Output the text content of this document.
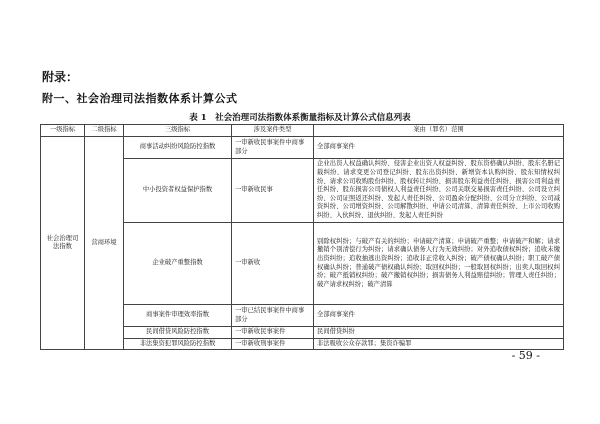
附录：
附一、社会治理司法指数体系计算公式
表 1　社会治理司法指数体系衡量指标及计算公式信息列表
一级指标	二级指标	三级指标	涉及案件类型	案由（罪名）范围
社会治理司法指数	营商环境	商事活动纠纷风险防控指数	一审新收民事案件中商事部分	全部商事案件
		中小投资者权益保护指数	一审新收民事	企业出资人权益确认纠纷、侵害企业出资人权益纠纷、股东资格确认纠纷、股东名册记载纠纷、请求变更公司登记纠纷、股东出资纠纷、新增资本认购纠纷、股东知情权纠纷、请求公司收购股份纠纷、股权转让纠纷、损害股东利益责任纠纷、损害公司利益责任纠纷、股东损害公司债权人利益责任纠纷、公司关联交易损害责任纠纷、公司设立纠纷、公司证照返还纠纷、发起人责任纠纷、公司盈余分配纠纷、公司分立纠纷、公司减资纠纷、公司增资纠纷、公司解散纠纷、申请公司清算、清算责任纠纷、上市公司收购纠纷、入伙纠纷、退伙纠纷、发起人责任纠纷
		企业破产重整指数	一审新收	别除权纠纷；与破产有关的纠纷；申请破产清算；申请破产重整；申请破产和解；请求撤销个别清偿行为纠纷；请求确认债务人行为无效纠纷；对外追收债权纠纷；追收未缴出资纠纷；追收抽逃出资纠纷；追收非正常收入纠纷；破产债权确认纠纷；职工破产债权确认纠纷；普通破产债权确认纠纷；取回权纠纷；一般取回权纠纷；出卖人取回权纠纷；破产抵销权纠纷；破产撤销权纠纷；损害债务人利益赔偿纠纷；管理人责任纠纷；破产请求权纠纷；破产清算
		商事案件审理效率指数	一审已结民事案件中商事部分	全部商事案件
		民间借贷风险防控指数	一审新收民事案件	民间借贷纠纷
		非法集资犯罪风险防控指数	一审新收刑事案件	非法吸收公众存款罪；集资诈骗罪
- 59 -
